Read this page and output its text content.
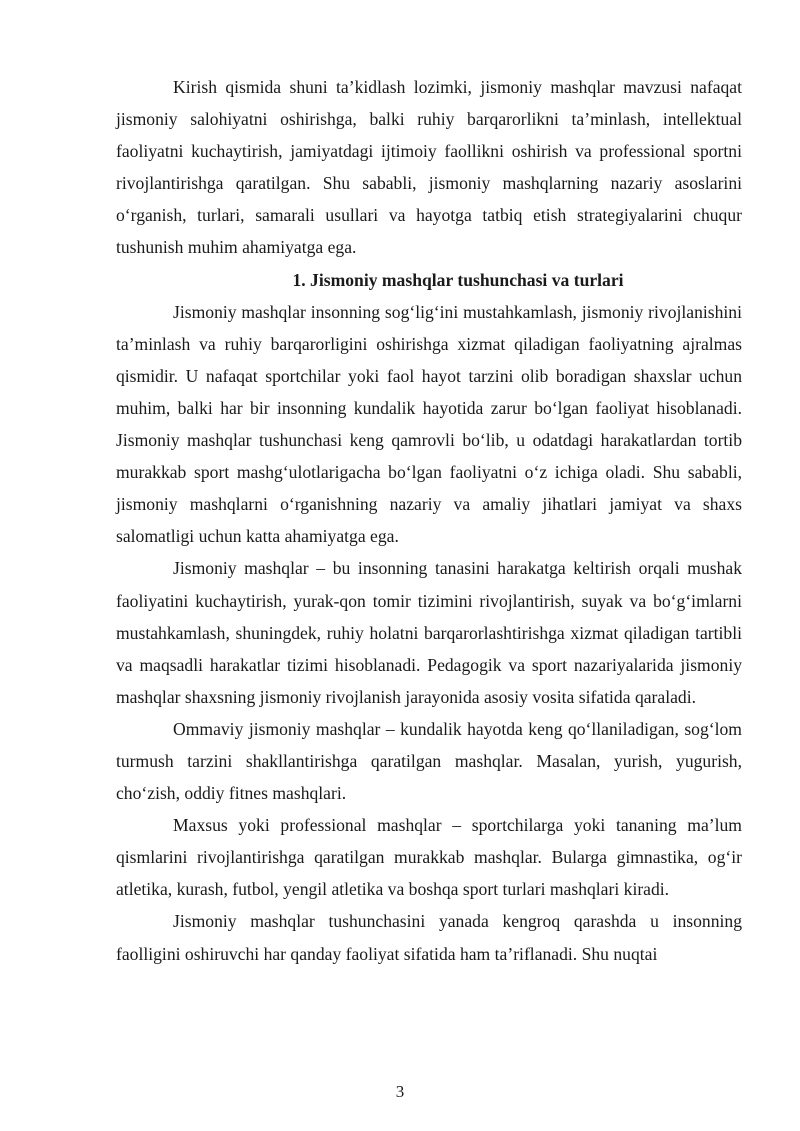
Kirish qismida shuni ta’kidlash lozimki, jismoniy mashqlar mavzusi nafaqat jismoniy salohiyatni oshirishga, balki ruhiy barqarorlikni ta’minlash, intellektual faoliyatni kuchaytirish, jamiyatdagi ijtimoiy faollikni oshirish va professional sportni rivojlantirishga qaratilgan. Shu sababli, jismoniy mashqlarning nazariy asoslarini o‘rganish, turlari, samarali usullari va hayotga tatbiq etish strategiyalarini chuqur tushunish muhim ahamiyatga ega.

1. Jismoniy mashqlar tushunchasi va turlari

Jismoniy mashqlar insonning sog‘lig‘ini mustahkamlash, jismoniy rivojlanishini ta’minlash va ruhiy barqarorligini oshirishga xizmat qiladigan faoliyatning ajralmas qismidir. U nafaqat sportchilar yoki faol hayot tarzini olib boradigan shaxslar uchun muhim, balki har bir insonning kundalik hayotida zarur bo‘lgan faoliyat hisoblanadi. Jismoniy mashqlar tushunchasi keng qamrovli bo‘lib, u odatdagi harakatlardan tortib murakkab sport mashg‘ulotlarigacha bo‘lgan faoliyatni o‘z ichiga oladi. Shu sababli, jismoniy mashqlarni o‘rganishning nazariy va amaliy jihatlari jamiyat va shaxs salomatligi uchun katta ahamiyatga ega.

Jismoniy mashqlar – bu insonning tanasini harakatga keltirish orqali mushak faoliyatini kuchaytirish, yurak-qon tomir tizimini rivojlantirish, suyak va bo‘g‘imlarni mustahkamlash, shuningdek, ruhiy holatni barqarorlashtirishga xizmat qiladigan tartibli va maqsadli harakatlar tizimi hisoblanadi. Pedagogik va sport nazariyalarida jismoniy mashqlar shaxsning jismoniy rivojlanish jarayonida asosiy vosita sifatida qaraladi.

Ommaviy jismoniy mashqlar – kundalik hayotda keng qo‘llaniladigan, sog‘lom turmush tarzini shakllantirishga qaratilgan mashqlar. Masalan, yurish, yugurish, cho‘zish, oddiy fitnes mashqlari.

Maxsus yoki professional mashqlar – sportchilarga yoki tananing ma’lum qismlarini rivojlantirishga qaratilgan murakkab mashqlar. Bularga gimnastika, og‘ir atletika, kurash, futbol, yengil atletika va boshqa sport turlari mashqlari kiradi.

Jismoniy mashqlar tushunchasini yanada kengroq qarashda u insonning faolligini oshiruvchi har qanday faoliyat sifatida ham ta’riflanadi. Shu nuqtai

3
